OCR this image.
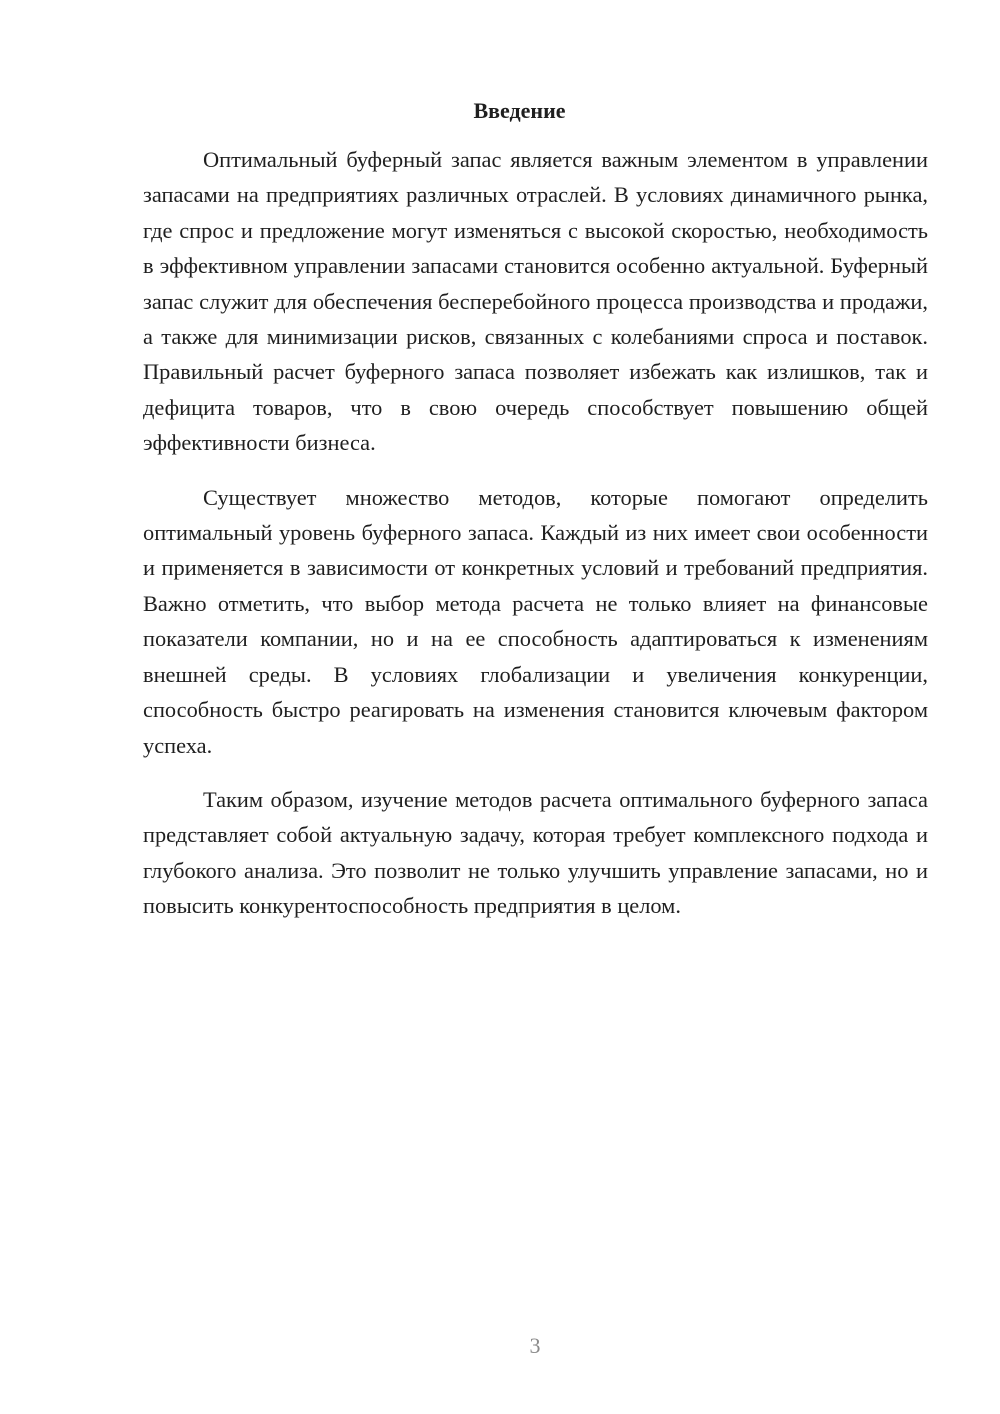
Введение

Оптимальный буферный запас является важным элементом в управлении запасами на предприятиях различных отраслей. В условиях динамичного рынка, где спрос и предложение могут изменяться с высокой скоростью, необходимость в эффективном управлении запасами становится особенно актуальной. Буферный запас служит для обеспечения бесперебойного процесса производства и продажи, а также для минимизации рисков, связанных с колебаниями спроса и поставок. Правильный расчет буферного запаса позволяет избежать как излишков, так и дефицита товаров, что в свою очередь способствует повышению общей эффективности бизнеса.

Существует множество методов, которые помогают определить оптимальный уровень буферного запаса. Каждый из них имеет свои особенности и применяется в зависимости от конкретных условий и требований предприятия. Важно отметить, что выбор метода расчета не только влияет на финансовые показатели компании, но и на ее способность адаптироваться к изменениям внешней среды. В условиях глобализации и увеличения конкуренции, способность быстро реагировать на изменения становится ключевым фактором успеха.

Таким образом, изучение методов расчета оптимального буферного запаса представляет собой актуальную задачу, которая требует комплексного подхода и глубокого анализа. Это позволит не только улучшить управление запасами, но и повысить конкурентоспособность предприятия в целом.

3
